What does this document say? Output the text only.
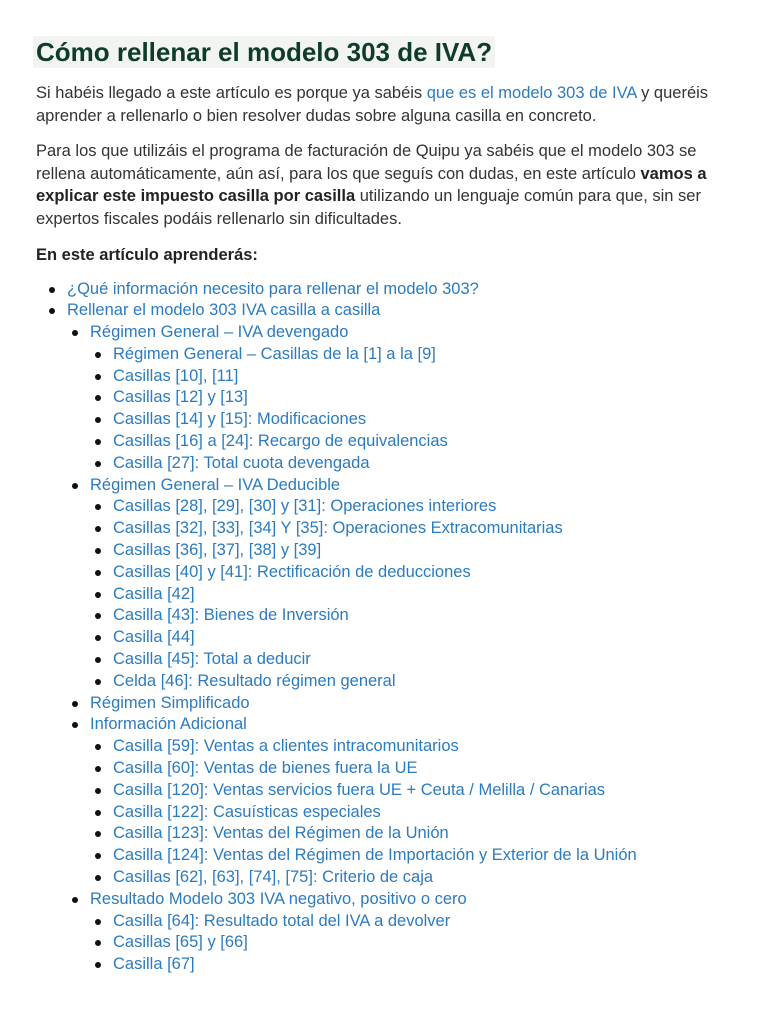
Cómo rellenar el modelo 303 de IVA?

Si habéis llegado a este artículo es porque ya sabéis que es el modelo 303 de IVA y queréis aprender a rellenarlo o bien resolver dudas sobre alguna casilla en concreto.

Para los que utilizáis el programa de facturación de Quipu ya sabéis que el modelo 303 se rellena automáticamente, aún así, para los que seguís con dudas, en este artículo vamos a explicar este impuesto casilla por casilla utilizando un lenguaje común para que, sin ser expertos fiscales podáis rellenarlo sin dificultades.

En este artículo aprenderás:

¿Qué información necesito para rellenar el modelo 303?
Rellenar el modelo 303 IVA casilla a casilla
Régimen General – IVA devengado
Régimen General – Casillas de la [1] a la [9]
Casillas [10], [11]
Casillas [12] y [13]
Casillas [14] y [15]: Modificaciones
Casillas [16] a [24]: Recargo de equivalencias
Casilla [27]: Total cuota devengada
Régimen General – IVA Deducible
Casillas [28], [29], [30] y [31]: Operaciones interiores
Casillas [32], [33], [34] Y [35]: Operaciones Extracomunitarias
Casillas [36], [37], [38] y [39]
Casillas [40] y [41]: Rectificación de deducciones
Casilla [42]
Casilla [43]: Bienes de Inversión
Casilla [44]
Casilla [45]: Total a deducir
Celda [46]: Resultado régimen general
Régimen Simplificado
Información Adicional
Casilla [59]: Ventas a clientes intracomunitarios
Casilla [60]: Ventas de bienes fuera la UE
Casilla [120]: Ventas servicios fuera UE + Ceuta / Melilla / Canarias
Casilla [122]: Casuísticas especiales
Casilla [123]: Ventas del Régimen de la Unión
Casilla [124]: Ventas del Régimen de Importación y Exterior de la Unión
Casillas [62], [63], [74], [75]: Criterio de caja
Resultado Modelo 303 IVA negativo, positivo o cero
Casilla [64]: Resultado total del IVA a devolver
Casillas [65] y [66]
Casilla [67]
